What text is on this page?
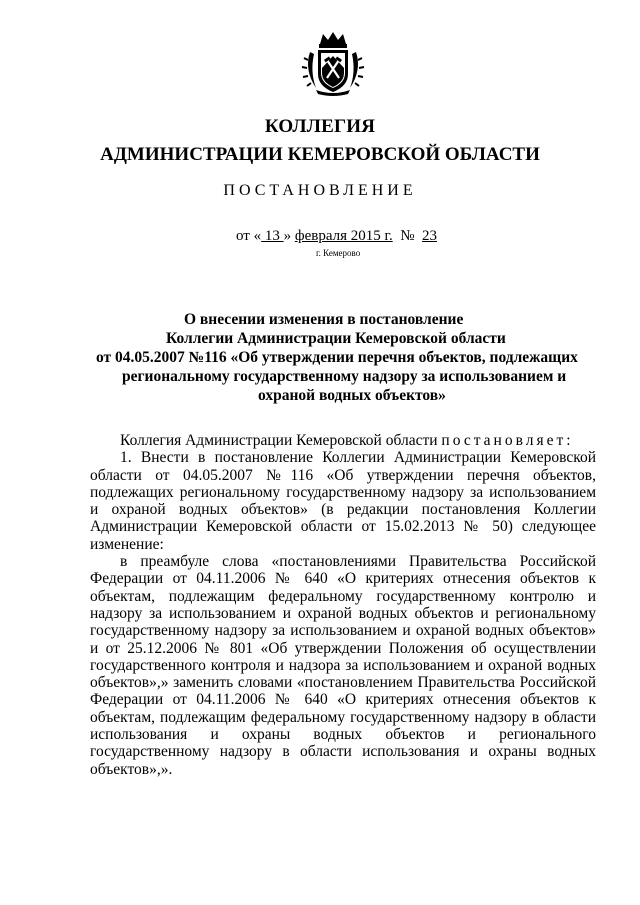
КОЛЛЕГИЯ
АДМИНИСТРАЦИИ КЕМЕРОВСКОЙ ОБЛАСТИ
ПОСТАНОВЛЕНИЕ
от « 13 » февраля 2015 г.  №  23
г. Кемерово
О внесении изменения в постановление
Коллегии Администрации Кемеровской области
от 04.05.2007 №116 «Об утверждении перечня объектов, подлежащих
региональному государственному надзору за использованием и
охраной водных объектов»

Коллегия Администрации Кемеровской области постановляет:

1. Внести в постановление Коллегии Администрации Кемеровской области от 04.05.2007 №116 «Об утверждении перечня объектов, подлежащих региональному государственному надзору за использованием и охраной водных объектов» (в редакции постановления Коллегии Администрации Кемеровской области от 15.02.2013 № 50) следующее изменение:

в преамбуле слова «постановлениями Правительства Российской Федерации от 04.11.2006 № 640 «О критериях отнесения объектов к объектам, подлежащим федеральному государственному контролю и надзору за использованием и охраной водных объектов и региональному государственному надзору за использованием и охраной водных объектов» и от 25.12.2006 № 801 «Об утверждении Положения об осуществлении государственного контроля и надзора за использованием и охраной водных объектов»,» заменить словами «постановлением Правительства Российской Федерации от 04.11.2006 № 640 «О критериях отнесения объектов к объектам, подлежащим федеральному государственному надзору в области использования и охраны водных объектов и регионального государственному надзору в области использования и охраны водных объектов»,».
